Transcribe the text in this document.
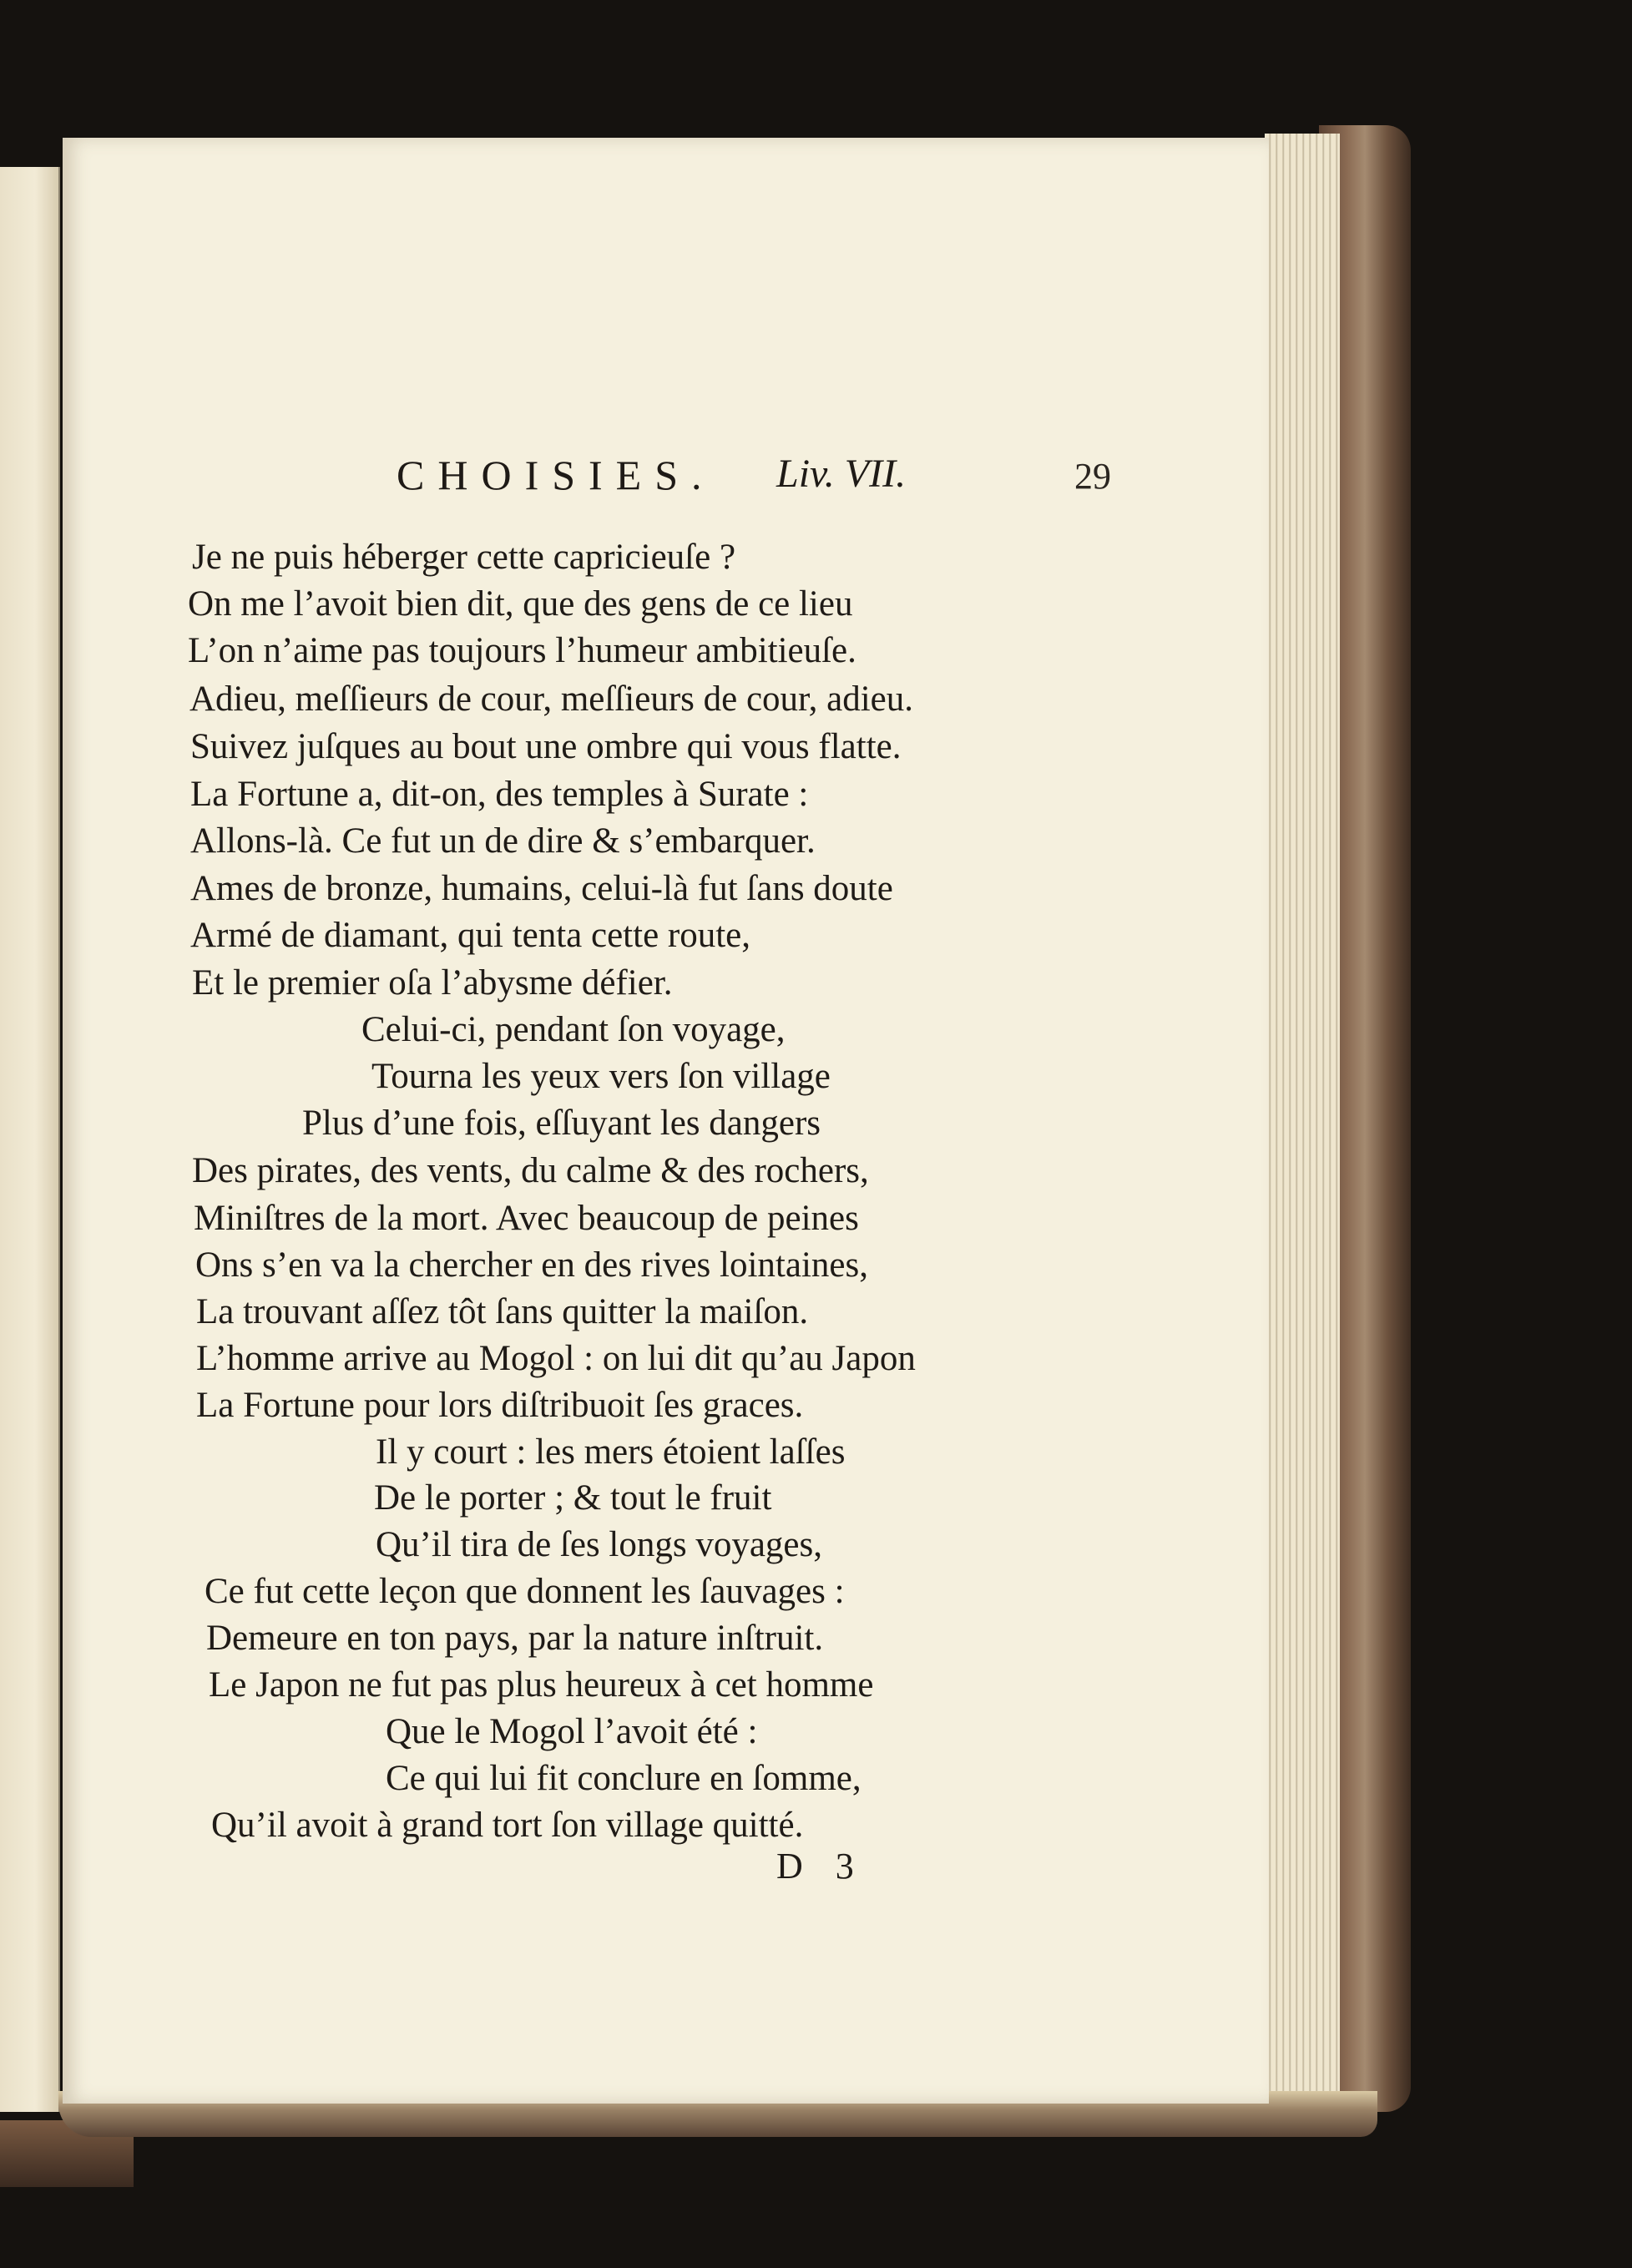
CHOISIES. Liv. VII.	29
Je ne puis héberger cette capricieuſe ?
On me l’avoit bien dit, que des gens de ce lieu
L’on n’aime pas toujours l’humeur ambitieuſe.
Adieu, meſſieurs de cour, meſſieurs de cour, adieu.
Suivez juſques au bout une ombre qui vous flatte.
La Fortune a, dit-on, des temples à Surate :
Allons-là. Ce fut un de dire & s’embarquer.
Ames de bronze, humains, celui-là fut ſans doute
Armé de diamant, qui tenta cette route,
Et le premier oſa l’abysme défier.
Celui-ci, pendant ſon voyage,
Tourna les yeux vers ſon village
Plus d’une fois, eſſuyant les dangers
Des pirates, des vents, du calme & des rochers,
Miniſtres de la mort. Avec beaucoup de peines
Ons s’en va la chercher en des rives lointaines,
La trouvant aſſez tôt ſans quitter la maiſon.
L’homme arrive au Mogol : on lui dit qu’au Japon
La Fortune pour lors diſtribuoit ſes graces.
Il y court : les mers étoient laſſes
De le porter ; & tout le fruit
Qu’il tira de ſes longs voyages,
Ce fut cette leçon que donnent les ſauvages :
Demeure en ton pays, par la nature inſtruit.
Le Japon ne fut pas plus heureux à cet homme
Que le Mogol l’avoit été :
Ce qui lui fit conclure en ſomme,
Qu’il avoit à grand tort ſon village quitté.
D 3
